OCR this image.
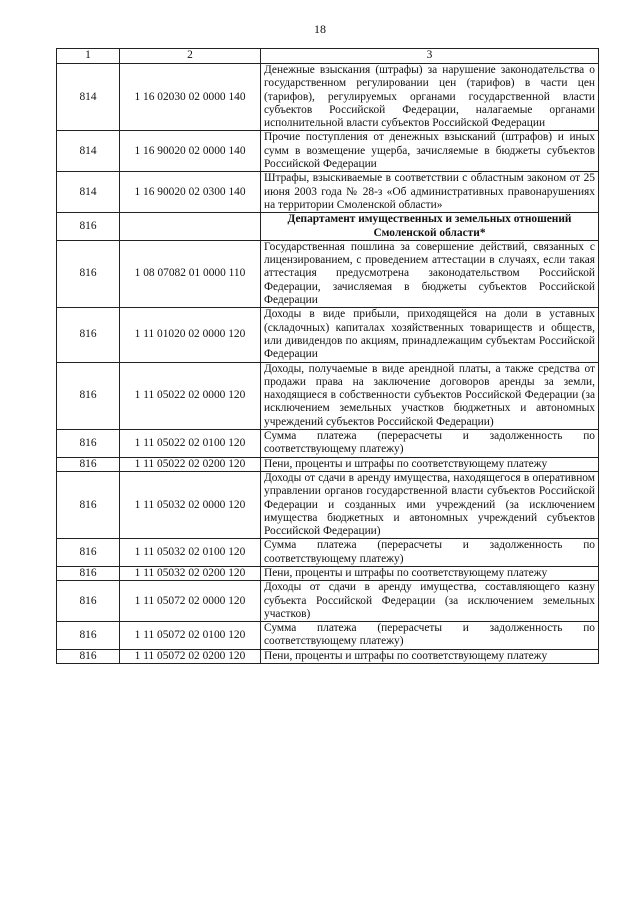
18
1	2	3
814	1 16 02030 02 0000 140	Денежные взыскания (штрафы) за нарушение законодательства о государственном регулировании цен (тарифов) в части цен (тарифов), регулируемых органами государственной власти субъектов Российской Федерации, налагаемые органами исполнительной власти субъектов Российской Федерации
814	1 16 90020 02 0000 140	Прочие поступления от денежных взысканий (штрафов) и иных сумм в возмещение ущерба, зачисляемые в бюджеты субъектов Российской Федерации
814	1 16 90020 02 0300 140	Штрафы, взыскиваемые в соответствии с областным законом от 25 июня 2003 года № 28-з «Об административных правонарушениях на территории Смоленской области»
816		Департамент имущественных и земельных отношений Смоленской области*
816	1 08 07082 01 0000 110	Государственная пошлина за совершение действий, связанных с лицензированием, с проведением аттестации в случаях, если такая аттестация предусмотрена законодательством Российской Федерации, зачисляемая в бюджеты субъектов Российской Федерации
816	1 11 01020 02 0000 120	Доходы в виде прибыли, приходящейся на доли в уставных (складочных) капиталах хозяйственных товариществ и обществ, или дивидендов по акциям, принадлежащим субъектам Российской Федерации
816	1 11 05022 02 0000 120	Доходы, получаемые в виде арендной платы, а также средства от продажи права на заключение договоров аренды за земли, находящиеся в собственности субъектов Российской Федерации (за исключением земельных участков бюджетных и автономных учреждений субъектов Российской Федерации)
816	1 11 05022 02 0100 120	Сумма платежа (перерасчеты и задолженность по соответствующему платежу)
816	1 11 05022 02 0200 120	Пени, проценты и штрафы по соответствующему платежу
816	1 11 05032 02 0000 120	Доходы от сдачи в аренду имущества, находящегося в оперативном управлении органов государственной власти субъектов Российской Федерации и созданных ими учреждений (за исключением имущества бюджетных и автономных учреждений субъектов Российской Федерации)
816	1 11 05032 02 0100 120	Сумма платежа (перерасчеты и задолженность по соответствующему платежу)
816	1 11 05032 02 0200 120	Пени, проценты и штрафы по соответствующему платежу
816	1 11 05072 02 0000 120	Доходы от сдачи в аренду имущества, составляющего казну субъекта Российской Федерации (за исключением земельных участков)
816	1 11 05072 02 0100 120	Сумма платежа (перерасчеты и задолженность по соответствующему платежу)
816	1 11 05072 02 0200 120	Пени, проценты и штрафы по соответствующему платежу
